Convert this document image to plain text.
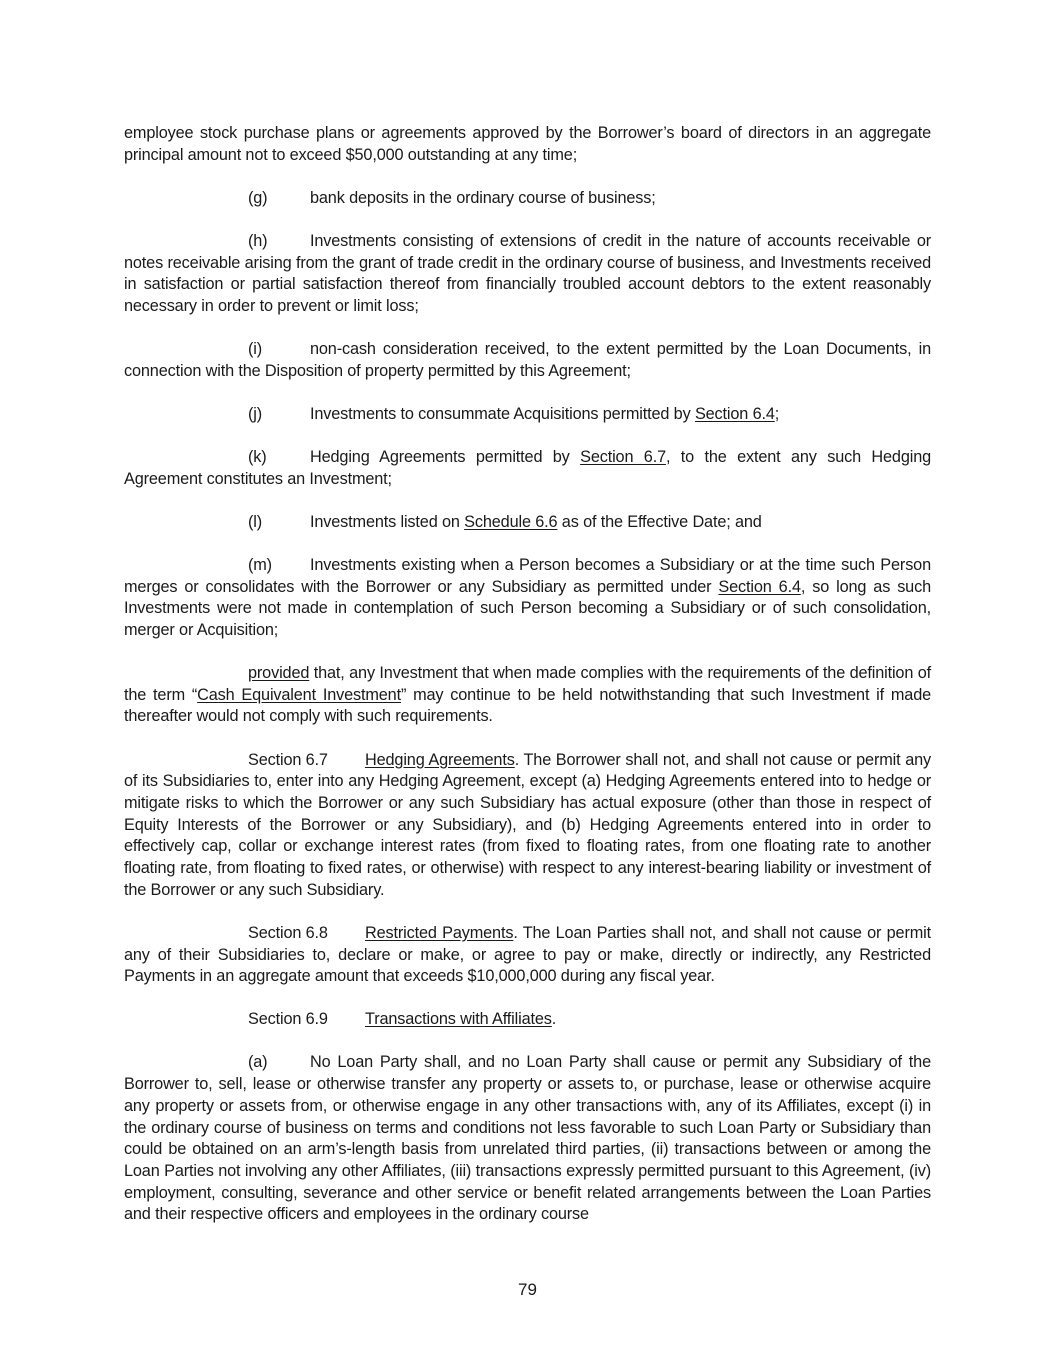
employee stock purchase plans or agreements approved by the Borrower’s board of directors in an aggregate principal amount not to exceed $50,000 outstanding at any time;

(g)	bank deposits in the ordinary course of business;

(h)	Investments consisting of extensions of credit in the nature of accounts receivable or notes receivable arising from the grant of trade credit in the ordinary course of business, and Investments received in satisfaction or partial satisfaction thereof from financially troubled account debtors to the extent reasonably necessary in order to prevent or limit loss;

(i)	non-cash consideration received, to the extent permitted by the Loan Documents, in connection with the Disposition of property permitted by this Agreement;

(j)	Investments to consummate Acquisitions permitted by Section 6.4;

(k)	Hedging Agreements permitted by Section 6.7, to the extent any such Hedging Agreement constitutes an Investment;

(l)	Investments listed on Schedule 6.6 as of the Effective Date; and

(m) Investments existing when a Person becomes a Subsidiary or at the time such Person merges or consolidates with the Borrower or any Subsidiary as permitted under Section 6.4, so long as such Investments were not made in contemplation of such Person becoming a Subsidiary or of such consolidation, merger or Acquisition;

provided that, any Investment that when made complies with the requirements of the definition of the term “Cash Equivalent Investment” may continue to be held notwithstanding that such Investment if made thereafter would not comply with such requirements.

Section 6.7 Hedging Agreements. The Borrower shall not, and shall not cause or permit any of its Subsidiaries to, enter into any Hedging Agreement, except (a) Hedging Agreements entered into to hedge or mitigate risks to which the Borrower or any such Subsidiary has actual exposure (other than those in respect of Equity Interests of the Borrower or any Subsidiary), and (b) Hedging Agreements entered into in order to effectively cap, collar or exchange interest rates (from fixed to floating rates, from one floating rate to another floating rate, from floating to fixed rates, or otherwise) with respect to any interest-bearing liability or investment of the Borrower or any such Subsidiary.

Section 6.8 Restricted Payments. The Loan Parties shall not, and shall not cause or permit any of their Subsidiaries to, declare or make, or agree to pay or make, directly or indirectly, any Restricted Payments in an aggregate amount that exceeds $10,000,000 during any fiscal year.

Section 6.9 Transactions with Affiliates.

(a)	No Loan Party shall, and no Loan Party shall cause or permit any Subsidiary of the Borrower to, sell, lease or otherwise transfer any property or assets to, or purchase, lease or otherwise acquire any property or assets from, or otherwise engage in any other transactions with, any of its Affiliates, except (i) in the ordinary course of business on terms and conditions not less favorable to such Loan Party or Subsidiary than could be obtained on an arm’s-length basis from unrelated third parties, (ii) transactions between or among the Loan Parties not involving any other Affiliates, (iii) transactions expressly permitted pursuant to this Agreement, (iv) employment, consulting, severance and other service or benefit related arrangements between the Loan Parties and their respective officers and employees in the ordinary course

79
